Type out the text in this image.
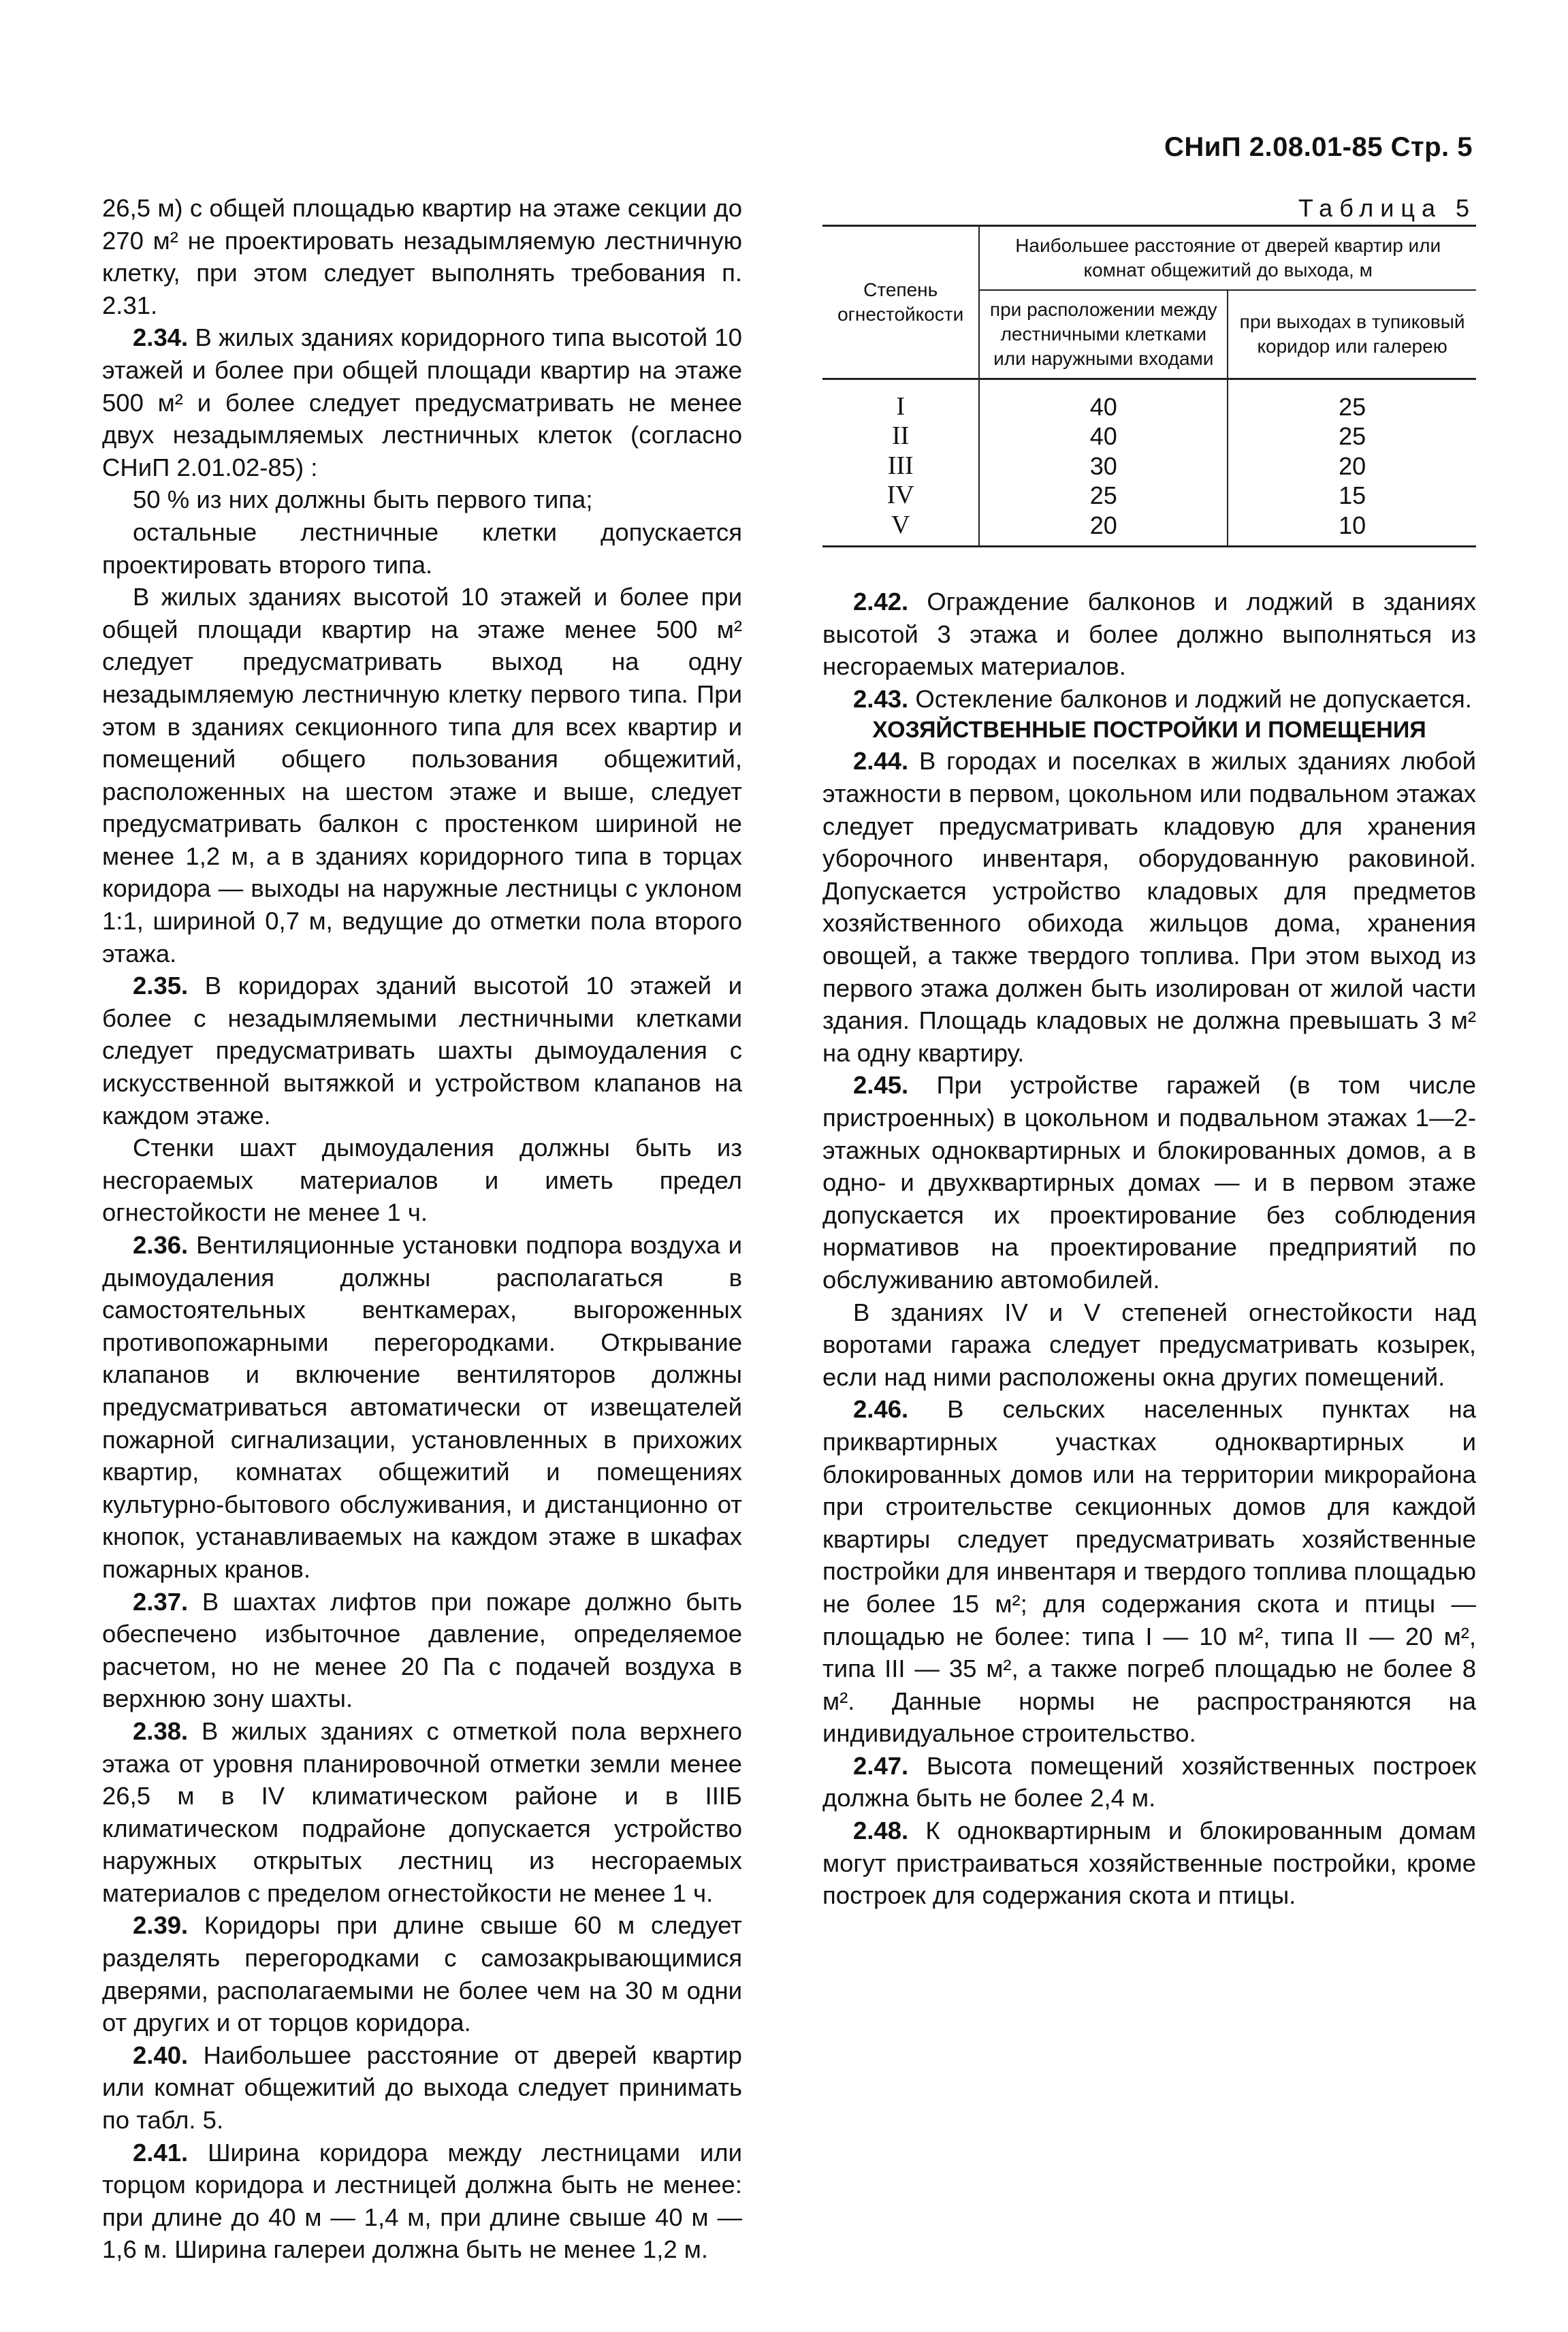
СНиП 2.08.01-85 Стр. 5

26,5 м) с общей площадью квартир на этаже секции до 270 м² не проектировать незадымляемую лестничную клетку, при этом следует выполнять требования п. 2.31.

2.34. В жилых зданиях коридорного типа высотой 10 этажей и более при общей площади квартир на этаже 500 м² и более следует предусматривать не менее двух незадымляемых лестничных клеток (согласно СНиП 2.01.02-85) :

50 % из них должны быть первого типа;

остальные лестничные клетки допускается проектировать второго типа.

В жилых зданиях высотой 10 этажей и более при общей площади квартир на этаже менее 500 м² следует предусматривать выход на одну незадымляемую лестничную клетку первого типа. При этом в зданиях секционного типа для всех квартир и помещений общего пользования общежитий, расположенных на шестом этаже и выше, следует предусматривать балкон с простенком шириной не менее 1,2 м, а в зданиях коридорного типа в торцах коридора — выходы на наружные лестницы с уклоном 1:1, шириной 0,7 м, ведущие до отметки пола второго этажа.

2.35. В коридорах зданий высотой 10 этажей и более с незадымляемыми лестничными клетками следует предусматривать шахты дымоудаления с искусственной вытяжкой и устройством клапанов на каждом этаже.

Стенки шахт дымоудаления должны быть из несгораемых материалов и иметь предел огнестойкости не менее 1 ч.

2.36. Вентиляционные установки подпора воздуха и дымоудаления должны располагаться в самостоятельных венткамерах, выгороженных противопожарными перегородками. Открывание клапанов и включение вентиляторов должны предусматриваться автоматически от извещателей пожарной сигнализации, установленных в прихожих квартир, комнатах общежитий и помещениях культурно-бытового обслуживания, и дистанционно от кнопок, устанавливаемых на каждом этаже в шкафах пожарных кранов.

2.37. В шахтах лифтов при пожаре должно быть обеспечено избыточное давление, определяемое расчетом, но не менее 20 Па с подачей воздуха в верхнюю зону шахты.

2.38. В жилых зданиях с отметкой пола верхнего этажа от уровня планировочной отметки земли менее 26,5 м в IV климатическом районе и в IIIБ климатическом подрайоне допускается устройство наружных открытых лестниц из несгораемых материалов с пределом огнестойкости не менее 1 ч.

2.39. Коридоры при длине свыше 60 м следует разделять перегородками с самозакрывающимися дверями, располагаемыми не более чем на 30 м одни от других и от торцов коридора.

2.40. Наибольшее расстояние от дверей квартир или комнат общежитий до выхода следует принимать по табл. 5.

2.41. Ширина коридора между лестницами или торцом коридора и лестницей должна быть не менее: при длине до 40 м — 1,4 м, при длине свыше 40 м — 1,6 м. Ширина галереи должна быть не менее 1,2 м.

Таблица 5

Степень огнестойкости	Наибольшее расстояние от дверей квартир или комнат общежитий до выхода, м	
	при расположении между лестничными клетками или наружными входами	при выходах в тупиковый коридор или галерею
I	40	25
II	40	25
III	30	20
IV	25	15
V	20	10

2.42. Ограждение балконов и лоджий в зданиях высотой 3 этажа и более должно выполняться из несгораемых материалов.

2.43. Остекление балконов и лоджий не допускается.

ХОЗЯЙСТВЕННЫЕ ПОСТРОЙКИ И ПОМЕЩЕНИЯ

2.44. В городах и поселках в жилых зданиях любой этажности в первом, цокольном или подвальном этажах следует предусматривать кладовую для хранения уборочного инвентаря, оборудованную раковиной. Допускается устройство кладовых для предметов хозяйственного обихода жильцов дома, хранения овощей, а также твердого топлива. При этом выход из первого этажа должен быть изолирован от жилой части здания. Площадь кладовых не должна превышать 3 м² на одну квартиру.

2.45. При устройстве гаражей (в том числе пристроенных) в цокольном и подвальном этажах 1—2-этажных одноквартирных и блокированных домов, а в одно- и двухквартирных домах — и в первом этаже допускается их проектирование без соблюдения нормативов на проектирование предприятий по обслуживанию автомобилей.

В зданиях IV и V степеней огнестойкости над воротами гаража следует предусматривать козырек, если над ними расположены окна других помещений.

2.46. В сельских населенных пунктах на приквартирных участках одноквартирных и блокированных домов или на территории микрорайона при строительстве секционных домов для каждой квартиры следует предусматривать хозяйственные постройки для инвентаря и твердого топлива площадью не более 15 м²; для содержания скота и птицы — площадью не более: типа I — 10 м², типа II — 20 м², типа III — 35 м², а также погреб площадью не более 8 м². Данные нормы не распространяются на индивидуальное строительство.

2.47. Высота помещений хозяйственных построек должна быть не более 2,4 м.

2.48. К одноквартирным и блокированным домам могут пристраиваться хозяйственные постройки, кроме построек для содержания скота и птицы.
